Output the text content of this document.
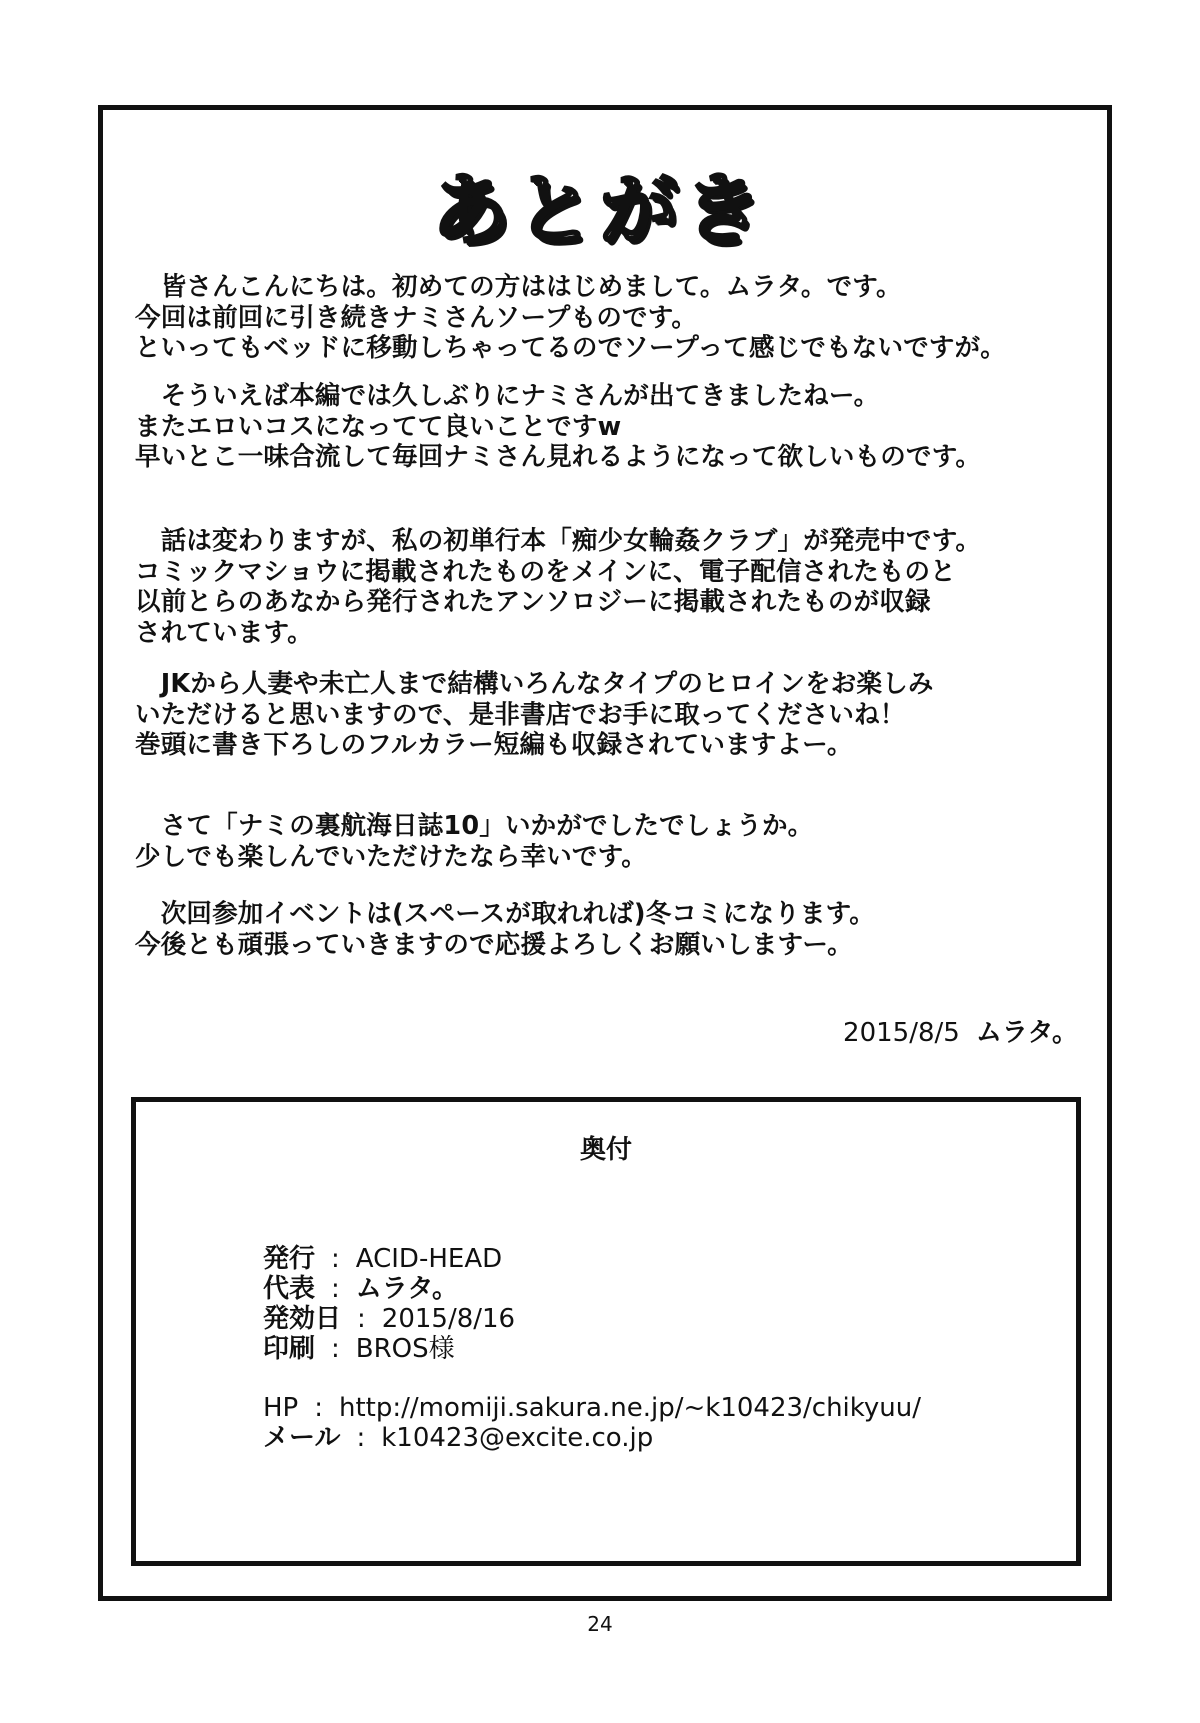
あとがき
　皆さんこんにちは。初めての方ははじめまして。ムラタ。です。
今回は前回に引き続きナミさんソープものです。
といってもベッドに移動しちゃってるのでソープって感じでもないですが。
　そういえば本編では久しぶりにナミさんが出てきましたねー。
またエロいコスになってて良いことですw
早いとこ一味合流して毎回ナミさん見れるようになって欲しいものです。
　話は変わりますが、私の初単行本「痴少女輪姦クラブ」が発売中です。
コミックマショウに掲載されたものをメインに、電子配信されたものと
以前とらのあなから発行されたアンソロジーに掲載されたものが収録
されています。
　JKから人妻や未亡人まで結構いろんなタイプのヒロインをお楽しみ
いただけると思いますので、是非書店でお手に取ってくださいね！
巻頭に書き下ろしのフルカラー短編も収録されていますよー。
　さて「ナミの裏航海日誌10」いかがでしたでしょうか。
少しでも楽しんでいただけたなら幸いです。
　次回参加イベントは(スペースが取れれば)冬コミになります。
今後とも頑張っていきますので応援よろしくお願いしますー。
2015/8/5 ムラタ。
奥付
発行 : ACID-HEAD
代表 : ムラタ。
発効日 : 2015/8/16
印刷 : BROS様
HP : http://momiji.sakura.ne.jp/~k10423/chikyuu/
メール : k10423@excite.co.jp
24
